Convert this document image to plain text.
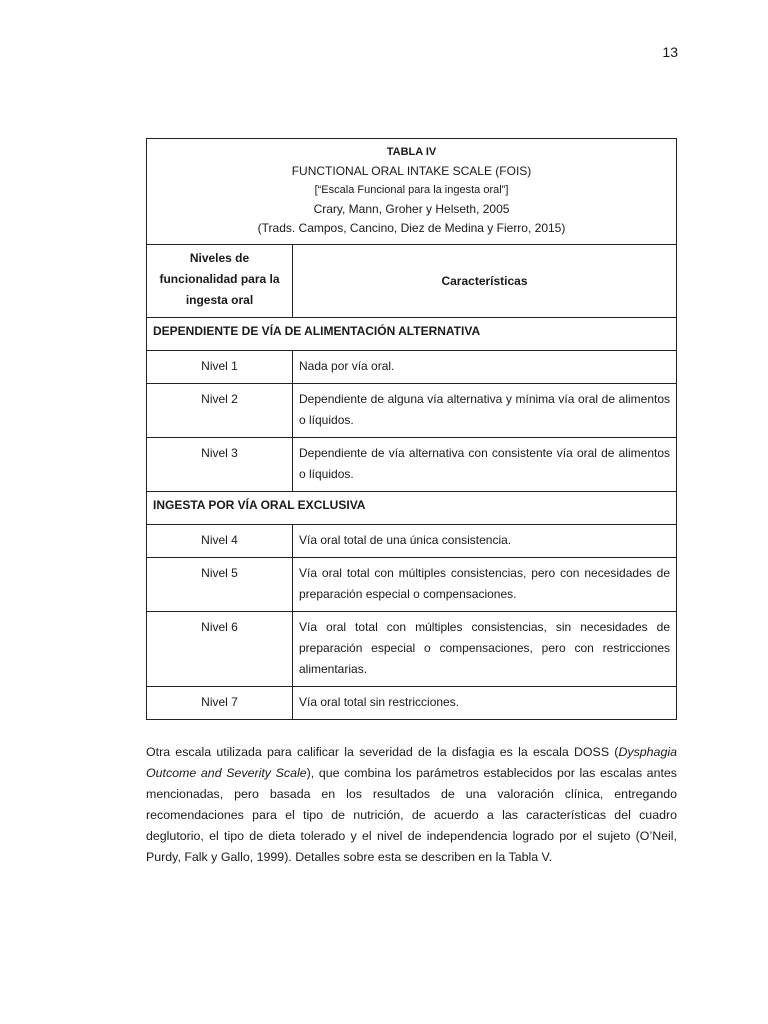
13
TABLA IV
FUNCTIONAL ORAL INTAKE SCALE (FOIS)
[“Escala Funcional para la ingesta oral”]
Crary, Mann, Groher y Helseth, 2005
(Trads. Campos, Cancino, Diez de Medina y Fierro, 2015)	

Niveles de funcionalidad para la ingesta oral	Características
DEPENDIENTE DE VÍA DE ALIMENTACIÓN ALTERNATIVA	
Nivel 1	Nada por vía oral.
Nivel 2	Dependiente de alguna vía alternativa y mínima vía oral de alimentos o líquidos.
Nivel 3	Dependiente de vía alternativa con consistente vía oral de alimentos o líquidos.
INGESTA POR VÍA ORAL EXCLUSIVA	
Nivel 4	Vía oral total de una única consistencia.
Nivel 5	Vía oral total con múltiples consistencias, pero con necesidades de preparación especial o compensaciones.
Nivel 6	Vía oral total con múltiples consistencias, sin necesidades de preparación especial o compensaciones, pero con restricciones alimentarias.
Nivel 7	Vía oral total sin restricciones.

Otra escala utilizada para calificar la severidad de la disfagia es la escala DOSS (Dysphagia Outcome and Severity Scale), que combina los parámetros establecidos por las escalas antes mencionadas, pero basada en los resultados de una valoración clínica, entregando recomendaciones para el tipo de nutrición, de acuerdo a las características del cuadro deglutorio, el tipo de dieta tolerado y el nivel de independencia logrado por el sujeto (O’Neil, Purdy, Falk y Gallo, 1999). Detalles sobre esta se describen en la Tabla V.
